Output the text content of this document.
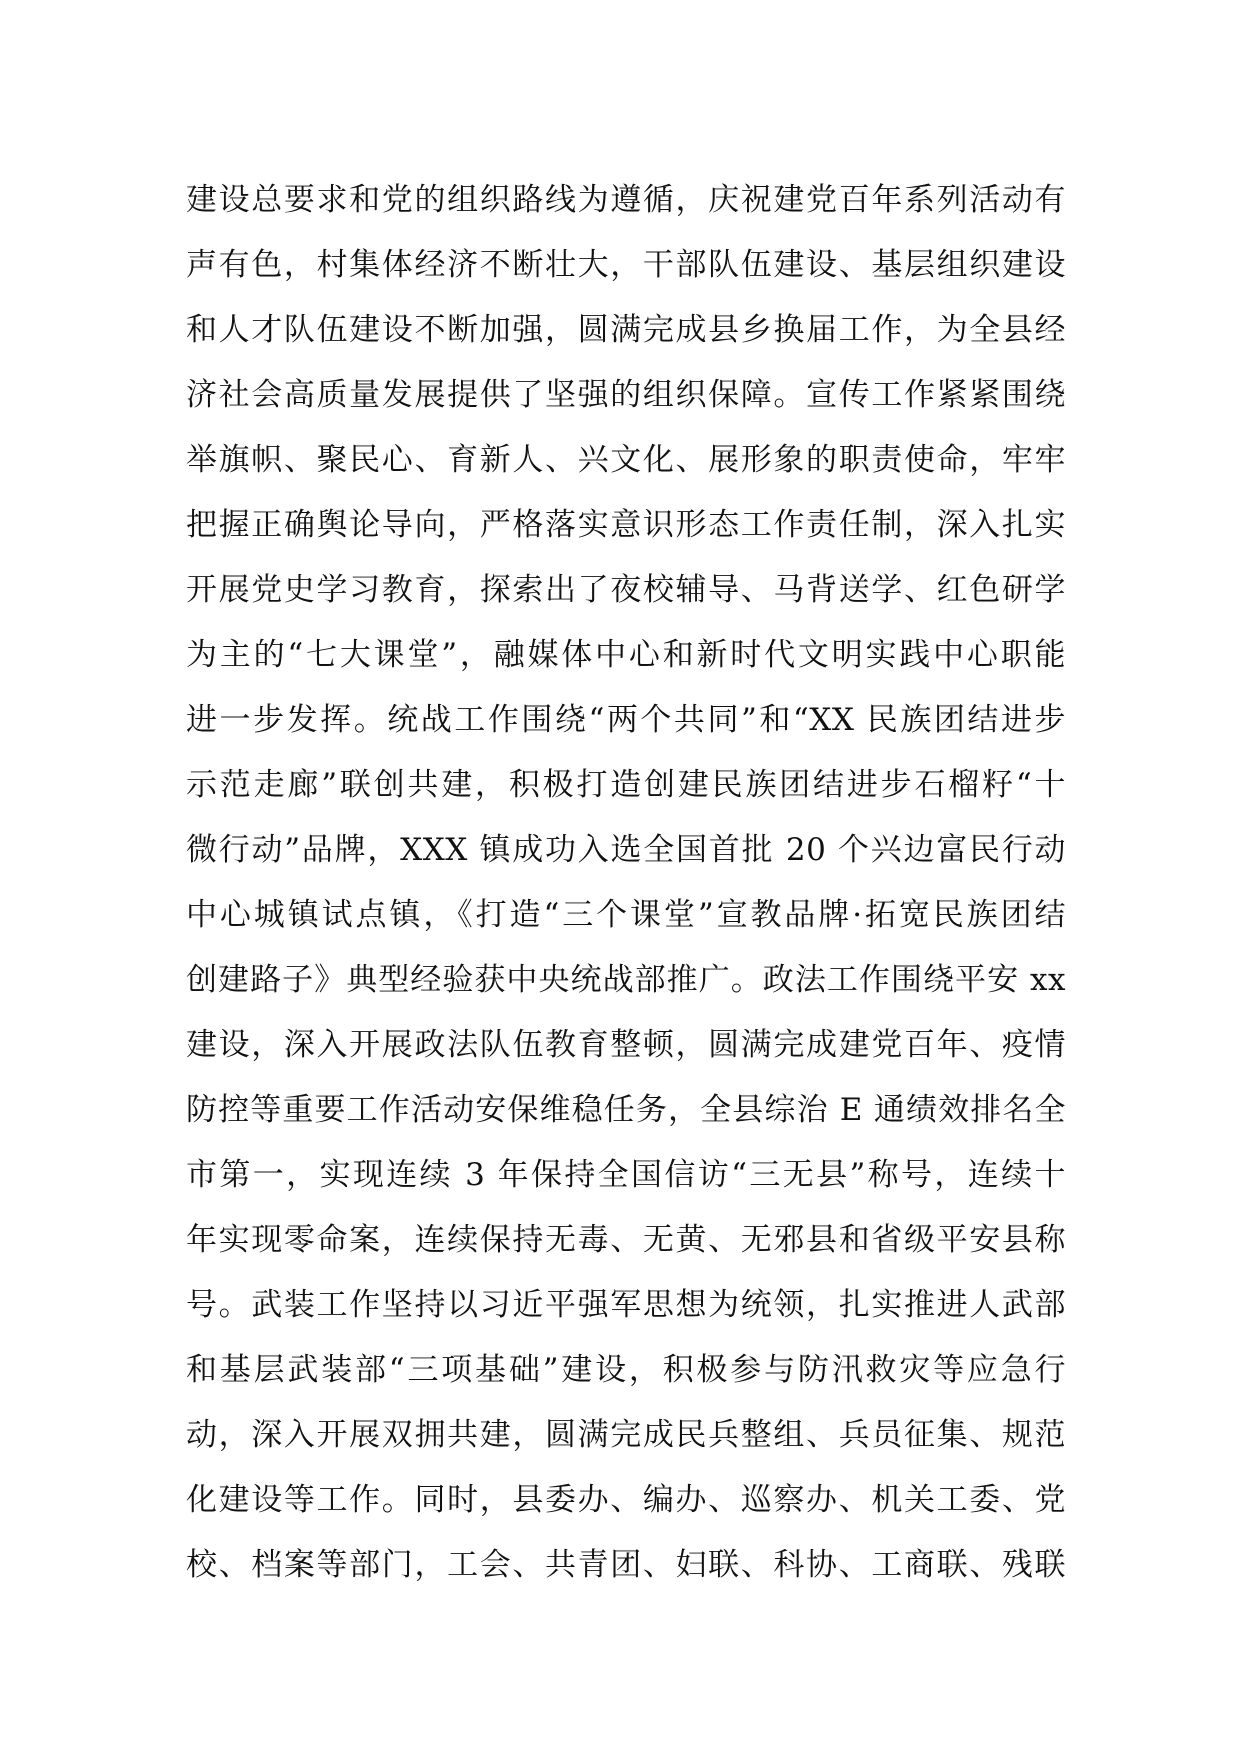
建设总要求和党的组织路线为遵循，庆祝建党百年系列活动有
声有色，村集体经济不断壮大，干部队伍建设、基层组织建设
和人才队伍建设不断加强，圆满完成县乡换届工作，为全县经
济社会高质量发展提供了坚强的组织保障。宣传工作紧紧围绕
举旗帜、聚民心、育新人、兴文化、展形象的职责使命，牢牢
把握正确舆论导向，严格落实意识形态工作责任制，深入扎实
开展党史学习教育，探索出了夜校辅导、马背送学、红色研学
为主的“七大课堂”，融媒体中心和新时代文明实践中心职能
进一步发挥。统战工作围绕“两个共同”和“XX 民族团结进步
示范走廊”联创共建，积极打造创建民族团结进步石榴籽“十
微行动”品牌，XXX 镇成功入选全国首批 20 个兴边富民行动
中心城镇试点镇，《打造“三个课堂”宣教品牌·拓宽民族团结
创建路子》典型经验获中央统战部推广。政法工作围绕平安 xx
建设，深入开展政法队伍教育整顿，圆满完成建党百年、疫情
防控等重要工作活动安保维稳任务，全县综治 E 通绩效排名全
市第一，实现连续 3 年保持全国信访“三无县”称号，连续十
年实现零命案，连续保持无毒、无黄、无邪县和省级平安县称
号。武装工作坚持以习近平强军思想为统领，扎实推进人武部
和基层武装部“三项基础”建设，积极参与防汛救灾等应急行
动，深入开展双拥共建，圆满完成民兵整组、兵员征集、规范
化建设等工作。同时，县委办、编办、巡察办、机关工委、党
校、档案等部门，工会、共青团、妇联、科协、工商联、残联
